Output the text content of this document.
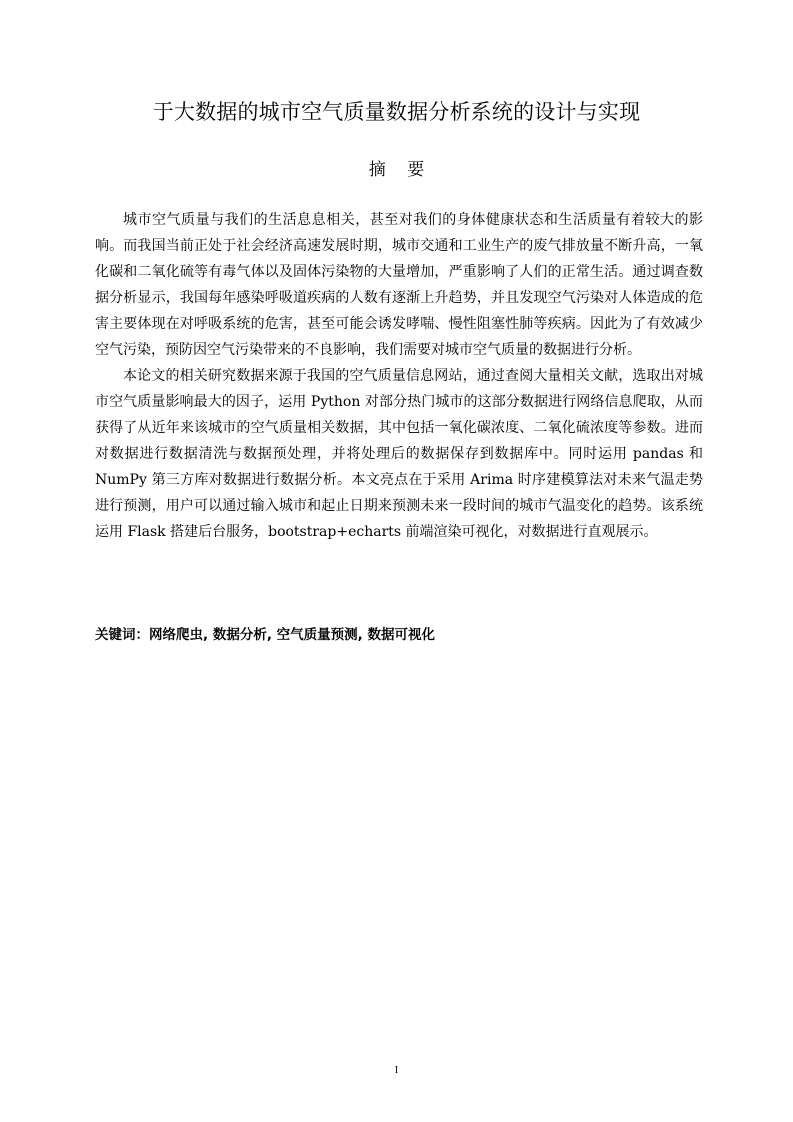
于大数据的城市空气质量数据分析系统的设计与实现
摘 要

城市空气质量与我们的生活息息相关，甚至对我们的身体健康状态和生活质量有着较大的影响。而我国当前正处于社会经济高速发展时期，城市交通和工业生产的废气排放量不断升高，一氧化碳和二氧化硫等有毒气体以及固体污染物的大量增加，严重影响了人们的正常生活。通过调查数据分析显示，我国每年感染呼吸道疾病的人数有逐渐上升趋势，并且发现空气污染对人体造成的危害主要体现在对呼吸系统的危害，甚至可能会诱发哮喘、慢性阻塞性肺等疾病。因此为了有效减少空气污染，预防因空气污染带来的不良影响，我们需要对城市空气质量的数据进行分析。

本论文的相关研究数据来源于我国的空气质量信息网站，通过查阅大量相关文献，选取出对城市空气质量影响最大的因子，运用 Python 对部分热门城市的这部分数据进行网络信息爬取，从而获得了从近年来该城市的空气质量相关数据，其中包括一氧化碳浓度、二氧化硫浓度等参数。进而对数据进行数据清洗与数据预处理，并将处理后的数据保存到数据库中。同时运用 pandas 和 NumPy 第三方库对数据进行数据分析。本文亮点在于采用 Arima 时序建模算法对未来气温走势进行预测，用户可以通过输入城市和起止日期来预测未来一段时间的城市气温变化的趋势。该系统运用 Flask 搭建后台服务，bootstrap+echarts 前端渲染可视化，对数据进行直观展示。

关键词：网络爬虫, 数据分析, 空气质量预测, 数据可视化
I
